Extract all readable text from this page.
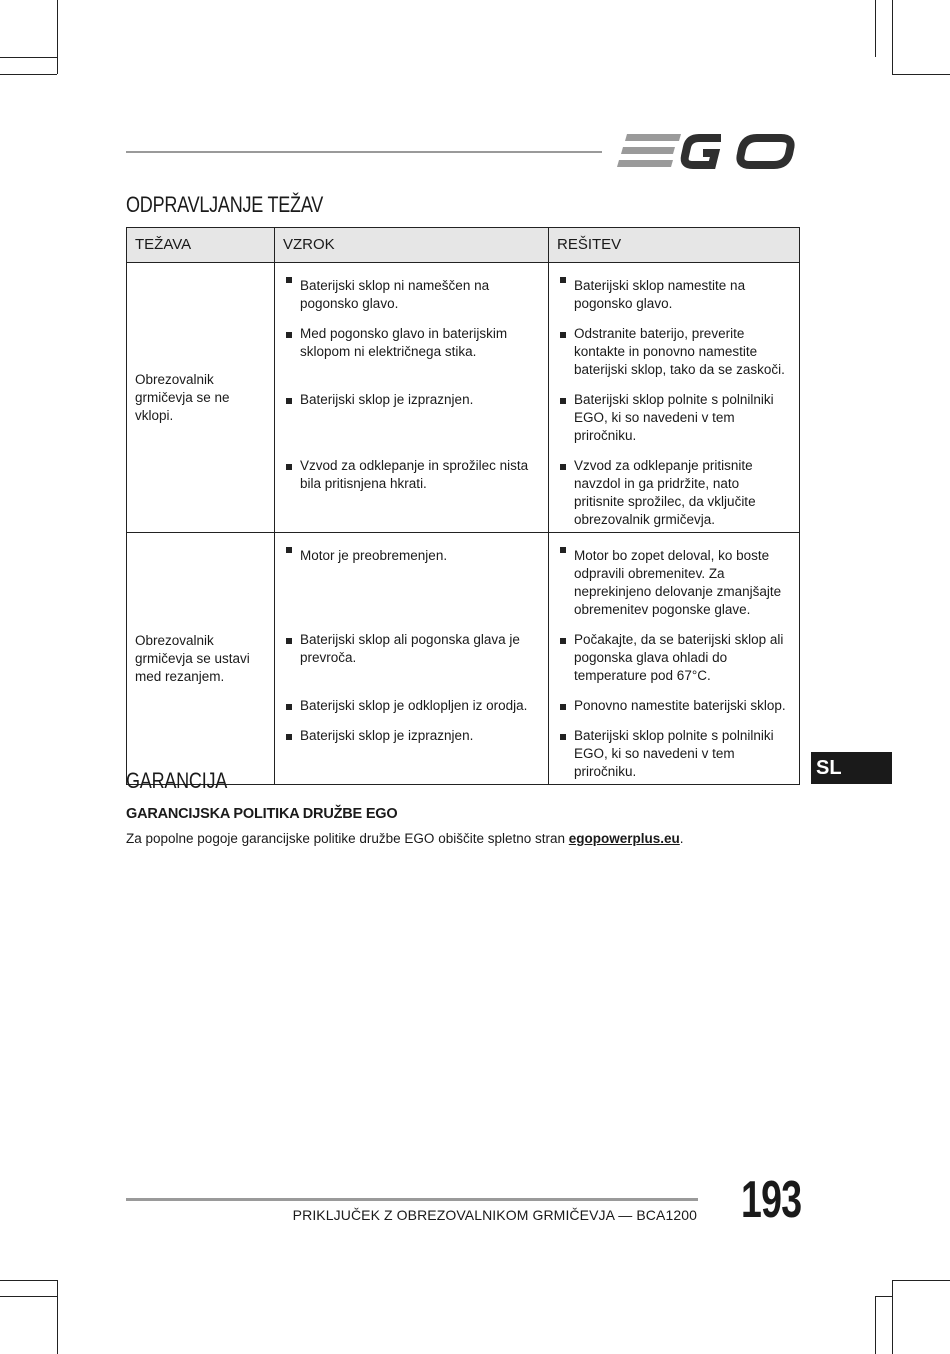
ODPRAVLJANJE TEŽAV
TEŽAVA	VZROK	REŠITEV
Obrezovalnik grmičevja se ne vklopi.	Baterijski sklop ni nameščen na pogonsko glavo.	Baterijski sklop namestite na pogonsko glavo.

	Med pogonsko glavo in baterijskim sklopom ni električnega stika.	Odstranite baterijo, preverite kontakte in ponovno namestite baterijski sklop, tako da se zaskoči.

	Baterijski sklop je izpraznjen.	Baterijski sklop polnite s polnilniki EGO, ki so navedeni v tem priročniku.

	Vzvod za odklepanje in sprožilec nista bila pritisnjena hkrati.	Vzvod za odklepanje pritisnite navzdol in ga pridržite, nato pritisnite sprožilec, da vključite obrezovalnik grmičevja.

Obrezovalnik grmičevja se ustavi med rezanjem.	Motor je preobremenjen.	Motor bo zopet deloval, ko boste odpravili obremenitev. Za neprekinjeno delovanje zmanjšajte obremenitev pogonske glave.

	Baterijski sklop ali pogonska glava je prevroča.	Počakajte, da se baterijski sklop ali pogonska glava ohladi do temperature pod 67°C.

	Baterijski sklop je odklopljen iz orodja.	Ponovno namestite baterijski sklop.

	Baterijski sklop je izpraznjen.	Baterijski sklop polnite s polnilniki EGO, ki so navedeni v tem priročniku.	SL
GARANCIJA
GARANCIJSKA POLITIKA DRUŽBE EGO
Za popolne pogoje garancijske politike družbe EGO obiščite spletno stran egopowerplus.eu.
PRIKLJUČEK Z OBREZOVALNIKOM GRMIČEVJA — BCA1200 193
